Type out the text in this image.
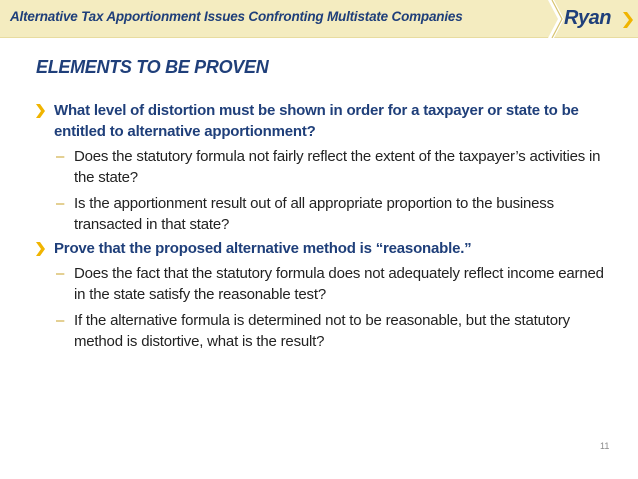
Alternative Tax Apportionment Issues Confronting Multistate Companies	Ryan
ELEMENTS TO BE PROVEN
What level of distortion must be shown in order for a taxpayer or state to be entitled to alternative apportionment?
– Does the statutory formula not fairly reflect the extent of the taxpayer’s activities in the state?
– Is the apportionment result out of all appropriate proportion to the business transacted in that state?
Prove that the proposed alternative method is “reasonable.”
– Does the fact that the statutory formula does not adequately reflect income earned in the state satisfy the reasonable test?
– If the alternative formula is determined not to be reasonable, but the statutory method is distortive, what is the result?
11
